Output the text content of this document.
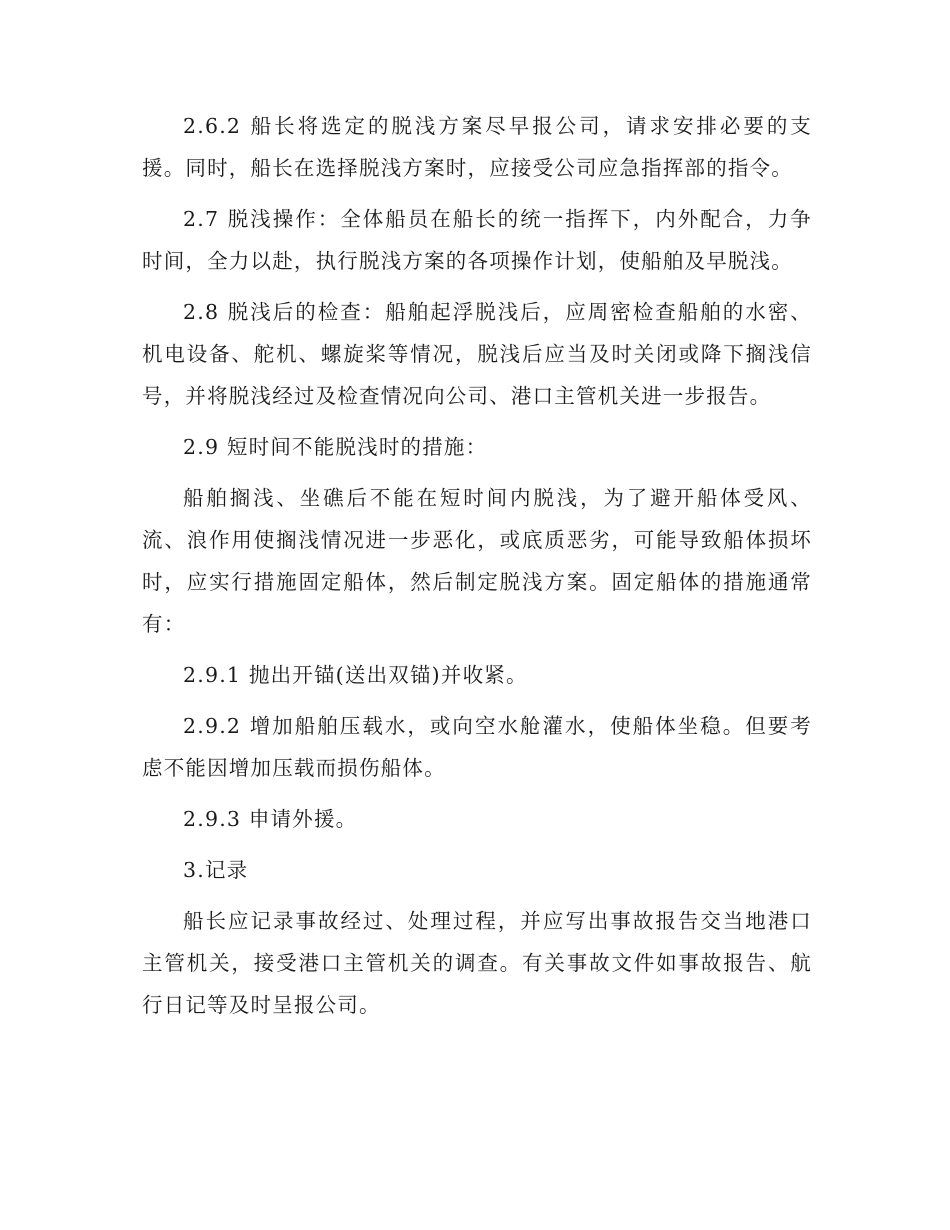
2.6.2 船长将选定的脱浅方案尽早报公司，请求安排必要的支援。同时，船长在选择脱浅方案时，应接受公司应急指挥部的指令。

2.7 脱浅操作：全体船员在船长的统一指挥下，内外配合，力争时间，全力以赴，执行脱浅方案的各项操作计划，使船舶及早脱浅。

2.8 脱浅后的检查：船舶起浮脱浅后，应周密检查船舶的水密、机电设备、舵机、螺旋桨等情况，脱浅后应当及时关闭或降下搁浅信号，并将脱浅经过及检查情况向公司、港口主管机关进一步报告。

2.9 短时间不能脱浅时的措施：

船舶搁浅、坐礁后不能在短时间内脱浅，为了避开船体受风、流、浪作用使搁浅情况进一步恶化，或底质恶劣，可能导致船体损坏时，应实行措施固定船体，然后制定脱浅方案。固定船体的措施通常有：

2.9.1 抛出开锚(送出双锚)并收紧。

2.9.2 增加船舶压载水，或向空水舱灌水，使船体坐稳。但要考虑不能因增加压载而损伤船体。

2.9.3 申请外援。

3.记录

船长应记录事故经过、处理过程，并应写出事故报告交当地港口主管机关，接受港口主管机关的调查。有关事故文件如事故报告、航行日记等及时呈报公司。
